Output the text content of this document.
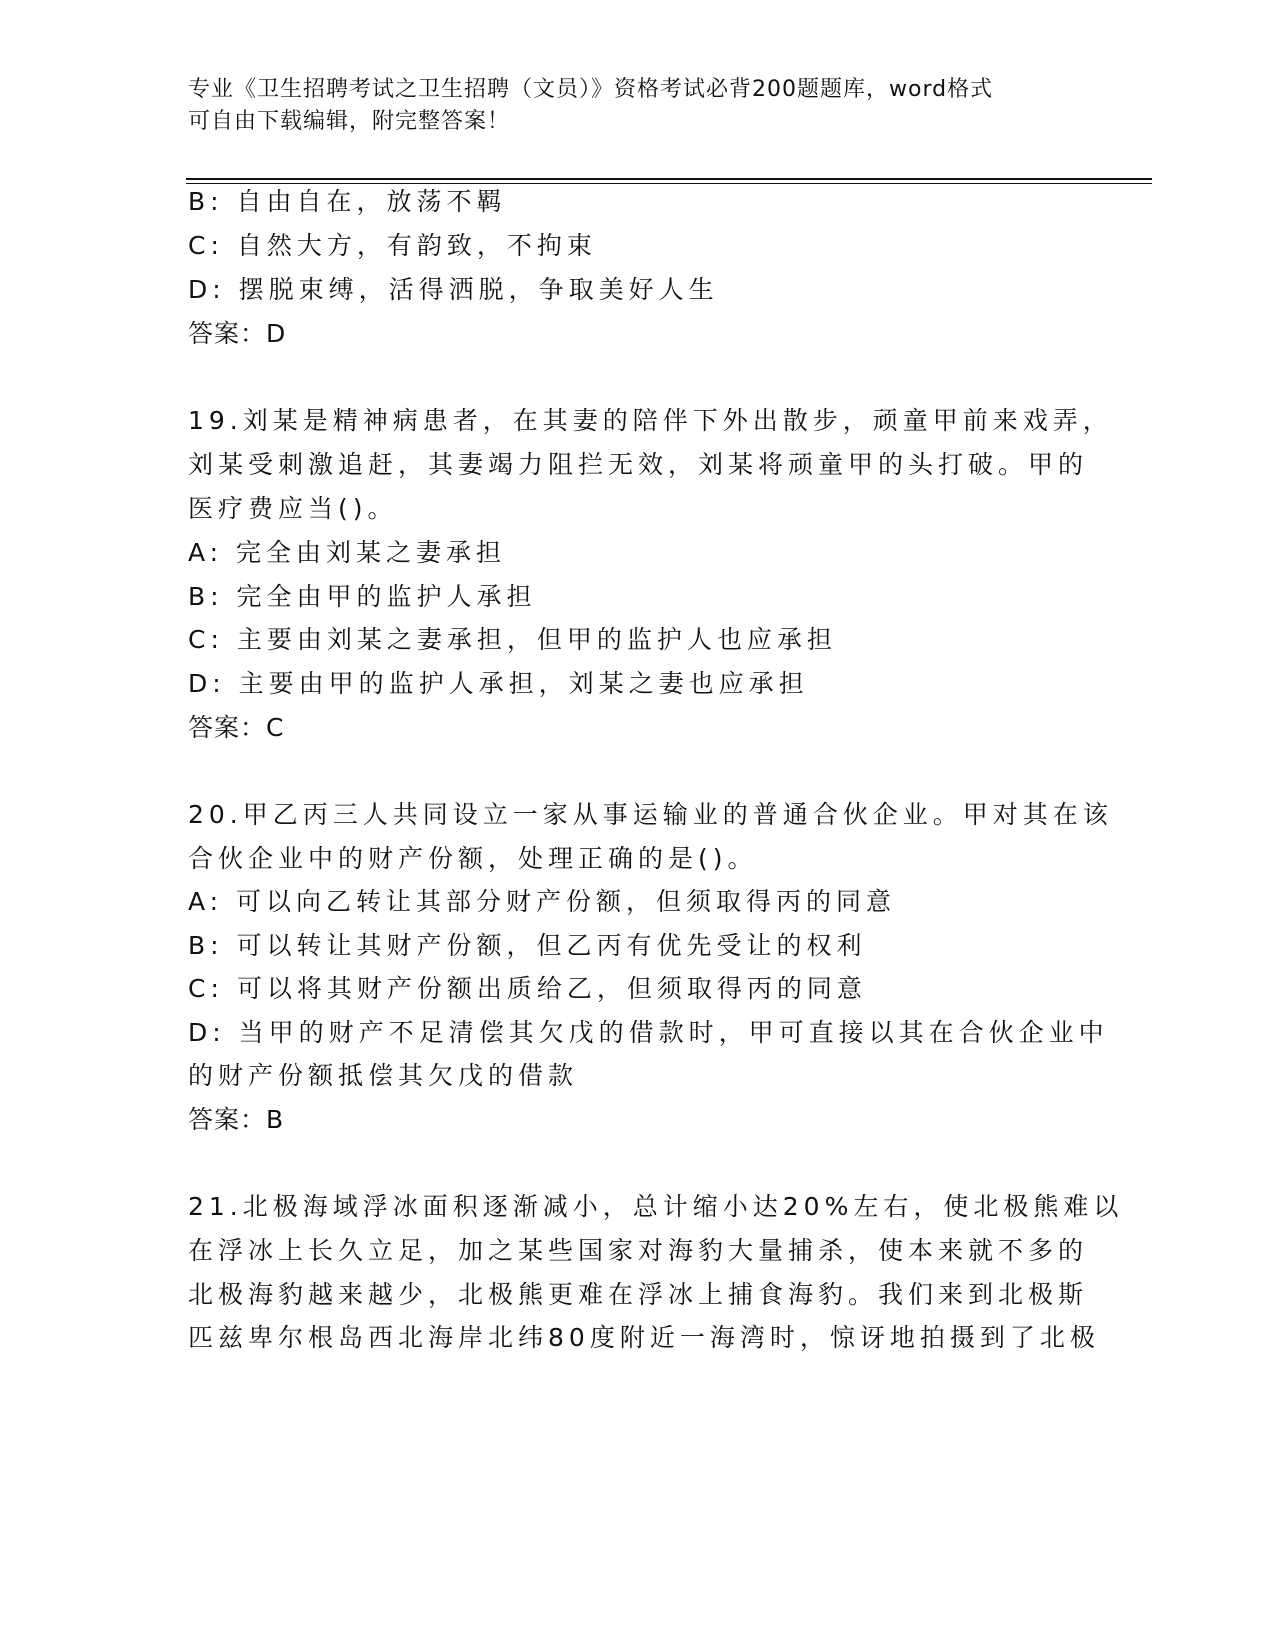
专业《卫生招聘考试之卫生招聘（文员）》资格考试必背200题题库，word格式
可自由下载编辑，附完整答案！
B: 自由自在，放荡不羁
C: 自然大方，有韵致，不拘束
D: 摆脱束缚，活得洒脱，争取美好人生
答案：D
19.刘某是精神病患者，在其妻的陪伴下外出散步，顽童甲前来戏弄，
刘某受刺激追赶，其妻竭力阻拦无效，刘某将顽童甲的头打破。甲的
医疗费应当()。
A: 完全由刘某之妻承担
B: 完全由甲的监护人承担
C: 主要由刘某之妻承担，但甲的监护人也应承担
D: 主要由甲的监护人承担，刘某之妻也应承担
答案：C
20.甲乙丙三人共同设立一家从事运输业的普通合伙企业。甲对其在该
合伙企业中的财产份额，处理正确的是()。
A: 可以向乙转让其部分财产份额，但须取得丙的同意
B: 可以转让其财产份额，但乙丙有优先受让的权利
C: 可以将其财产份额出质给乙，但须取得丙的同意
D: 当甲的财产不足清偿其欠戊的借款时，甲可直接以其在合伙企业中
的财产份额抵偿其欠戊的借款
答案：B
21.北极海域浮冰面积逐渐减小，总计缩小达20%左右，使北极熊难以
在浮冰上长久立足，加之某些国家对海豹大量捕杀，使本来就不多的
北极海豹越来越少，北极熊更难在浮冰上捕食海豹。我们来到北极斯
匹兹卑尔根岛西北海岸北纬80度附近一海湾时，惊讶地拍摄到了北极
